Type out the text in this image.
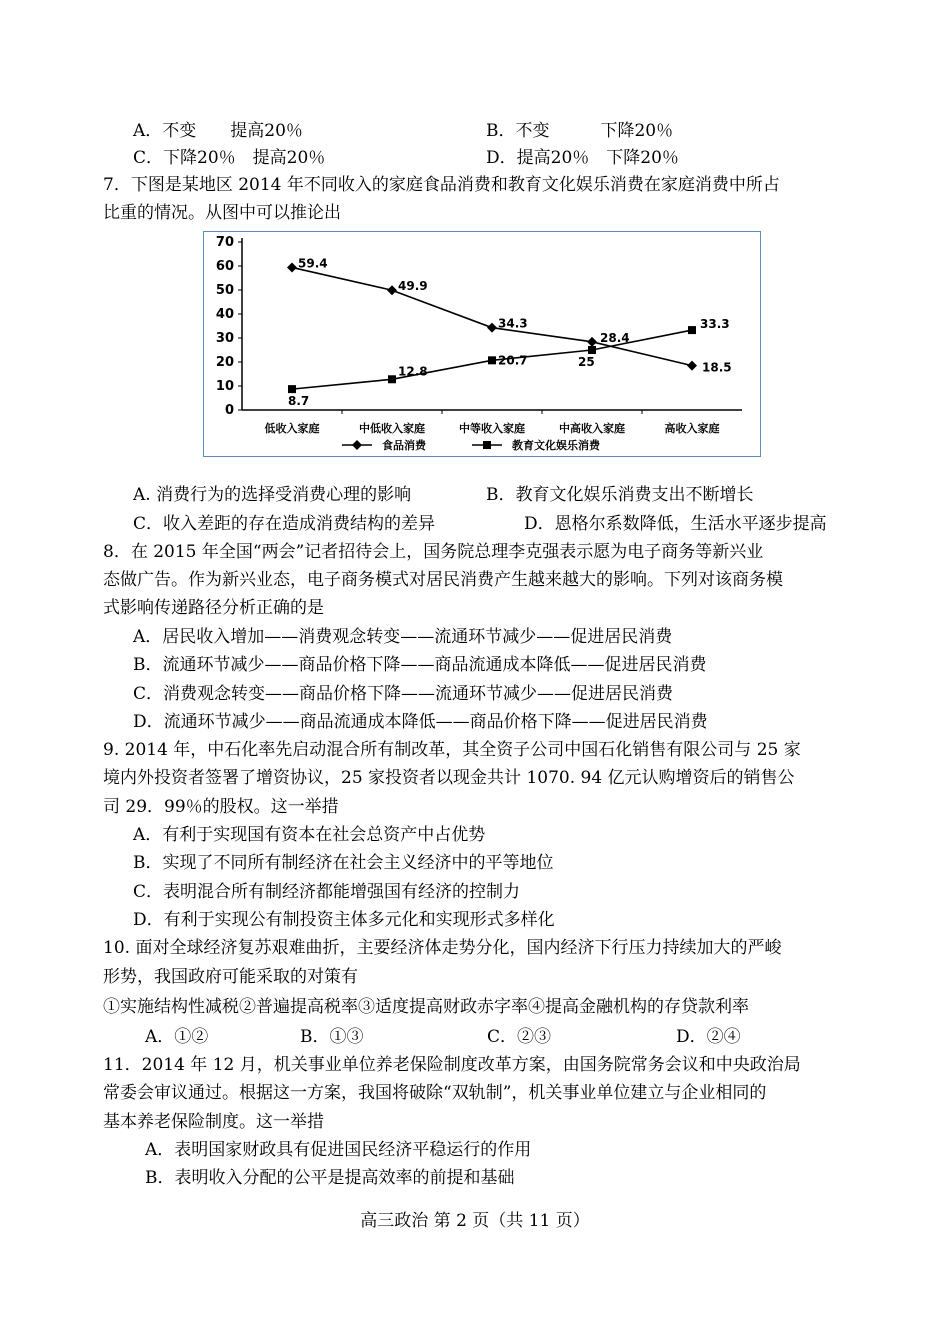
A．不变　　提高20％	B．不变　　　下降20％
C．下降20％　提高20％	D．提高20％　下降20％
7．下图是某地区 2014 年不同收入的家庭食品消费和教育文化娱乐消费在家庭消费中所占
比重的情况。从图中可以推论出
0
10
20
30
40
50
60
70
低收入家庭	中低收入家庭	中等收入家庭	中高收入家庭	高收入家庭
59.4
49.9
34.3
28.4
18.5
8.7
12.8
20.7	25
33.3
食品消费	教育文化娱乐消费
A. 消费行为的选择受消费心理的影响	B．教育文化娱乐消费支出不断增长
C．收入差距的存在造成消费结构的差异	D．恩格尔系数降低，生活水平逐步提高
8．在 2015 年全国“两会”记者招待会上，国务院总理李克强表示愿为电子商务等新兴业
态做广告。作为新兴业态，电子商务模式对居民消费产生越来越大的影响。下列对该商务模
式影响传递路径分析正确的是
A．居民收入增加——消费观念转变——流通环节减少——促进居民消费
B．流通环节减少——商品价格下降——商品流通成本降低——促进居民消费
C．消费观念转变——商品价格下降——流通环节减少——促进居民消费
D．流通环节减少——商品流通成本降低——商品价格下降——促进居民消费
9. 2014 年，中石化率先启动混合所有制改革，其全资子公司中国石化销售有限公司与 25 家
境内外投资者签署了增资协议，25 家投资者以现金共计 1070. 94 亿元认购增资后的销售公
司 29．99％的股权。这一举措
A．有利于实现国有资本在社会总资产中占优势
B．实现了不同所有制经济在社会主义经济中的平等地位
C．表明混合所有制经济都能增强国有经济的控制力
D．有利于实现公有制投资主体多元化和实现形式多样化
10. 面对全球经济复苏艰难曲折，主要经济体走势分化，国内经济下行压力持续加大的严峻
形势，我国政府可能采取的对策有
①实施结构性减税②普遍提高税率③适度提高财政赤字率④提高金融机构的存贷款利率
A．①②	B．①③	C．②③	D．②④
11．2014 年 12 月，机关事业单位养老保险制度改革方案，由国务院常务会议和中央政治局
常委会审议通过。根据这一方案，我国将破除“双轨制”，机关事业单位建立与企业相同的
基本养老保险制度。这一举措
A．表明国家财政具有促进国民经济平稳运行的作用
B．表明收入分配的公平是提高效率的前提和基础
高三政治 第 2 页（共 11 页）
